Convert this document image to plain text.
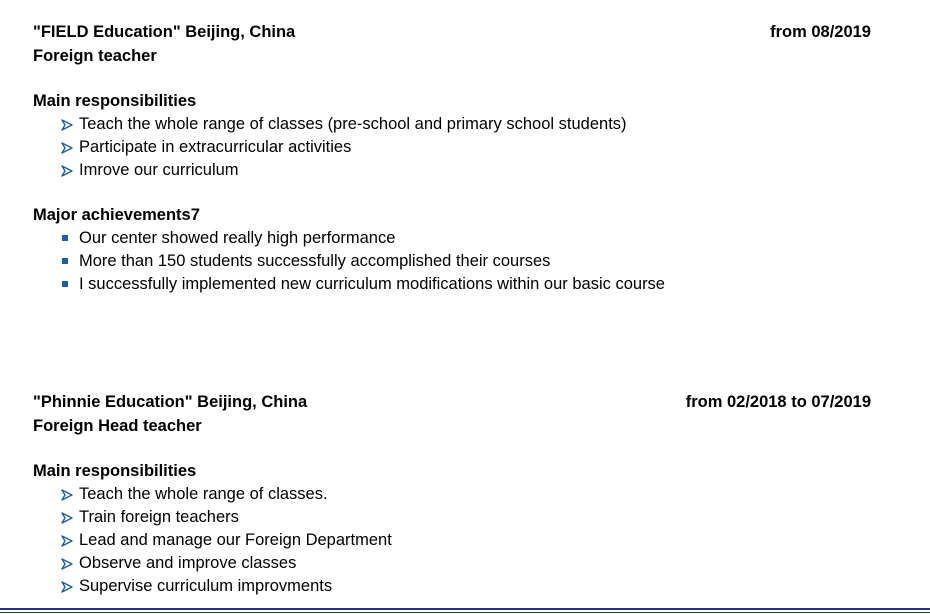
"FIELD Education" Beijing, China	from 08/2019
Foreign teacher
Main responsibilities
Teach the whole range of classes (pre-school and primary school students)
Participate in extracurricular activities
Imrove our curriculum
Major achievements7
Our center showed really high performance
More than 150 students successfully accomplished their courses
I successfully implemented new curriculum modifications within our basic course
"Phinnie Education" Beijing, China	from 02/2018 to 07/2019
Foreign Head teacher
Main responsibilities
Teach the whole range of classes.
Train foreign teachers
Lead and manage our Foreign Department
Observe and improve classes
Supervise curriculum improvments
